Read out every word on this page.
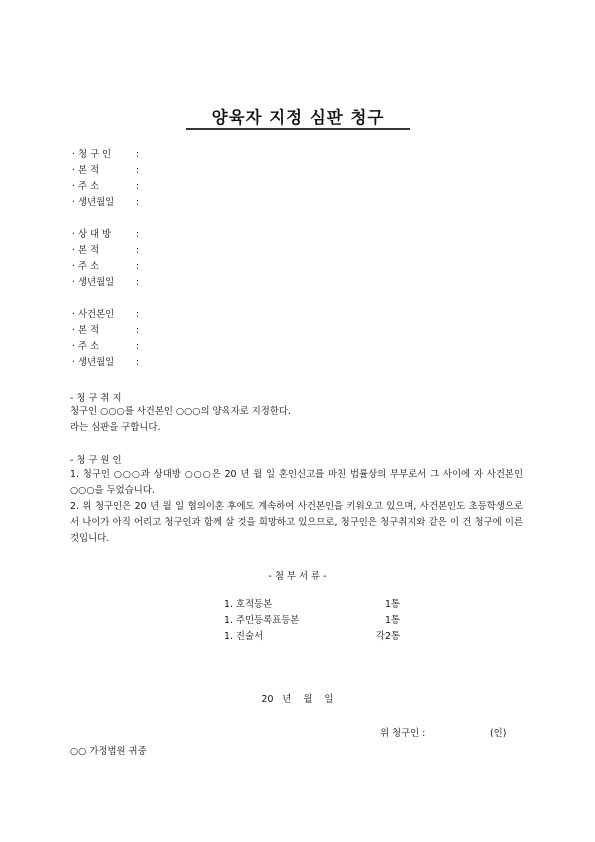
양육자 지정 심판 청구
· 청 구 인	:
· 본 적	:
· 주 소	:
· 생년월일 :
· 상 대 방	:
· 본 적	:
· 주 소	:
· 생년월일 :
· 사건본인 :
· 본 적	:
· 주 소	:
· 생년월일 :
- 청 구 취 지
청구인 ○○○를 사건본인 ○○○의 양육자로 지정한다.
라는 심판을 구합니다.
- 청 구 원 인
1. 청구인 ○○○과 상대방 ○○○은 20 년 월 일 혼인신고를 마친 법률상의 부부로서 그 사이에 자 사건본인 ○○○을 두었습니다.
2. 위 청구인은 20 년 월 일 협의이혼 후에도 계속하여 사건본인을 키워오고 있으며, 사건본인도 초등학생으로서 나이가 아직 어리고 청구인과 함께 살 것을 희망하고 있으므로, 청구인은 청구취지와 같은 이 건 청구에 이른 것입니다.
- 첨 부 서 류 -
1. 호적등본	1통
1. 주민등록표등본	1통
1. 진술서	각2통
20   년    월    일
위 청구인 :	(인)
○○ 가정법원 귀중
